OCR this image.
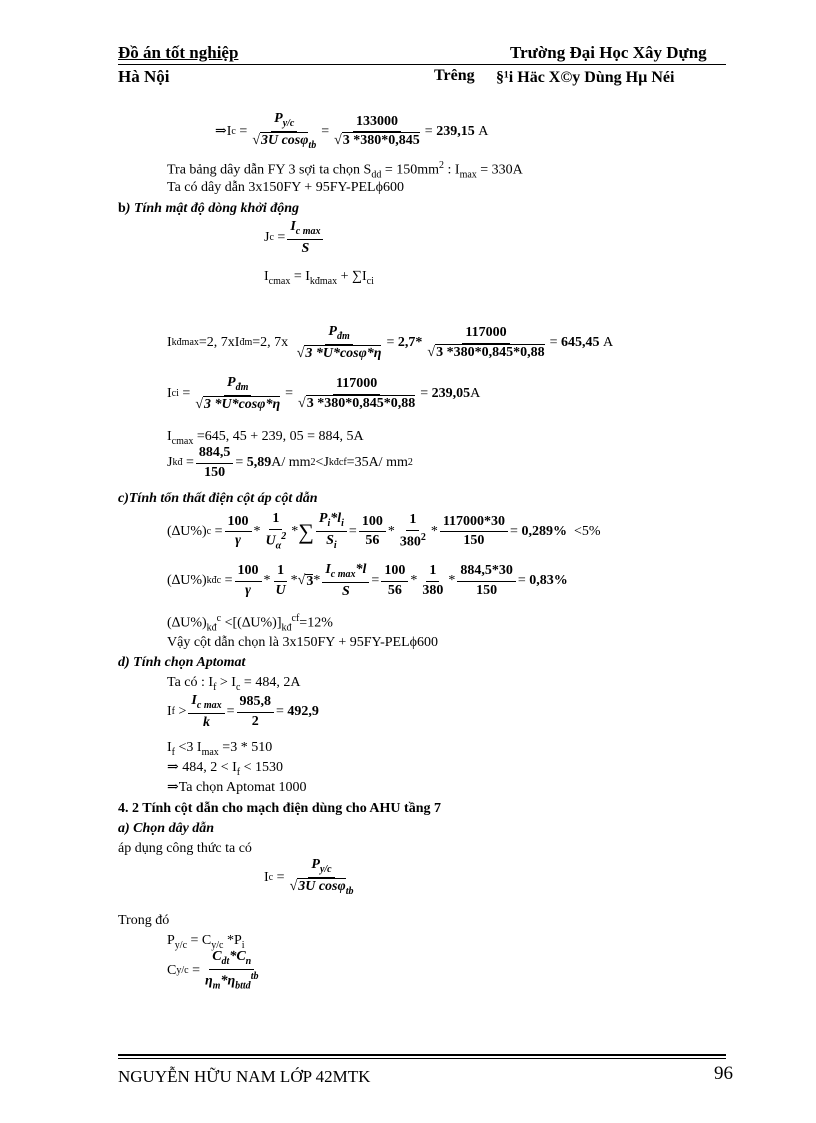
Đồ án tốt nghiệp	Trường Đại Học Xây Dựng
Hà Nội	Trêng §¹i Häc X©y Dùng Hµ Néi
⇒I $c = \frac{P_{y/c}}{√3U \cos\varphi_{tb}} = \frac{133000}{√3 *380*0,845} = 239,15$
A
Tra bảng dây dẫn FY 3 sợi ta chọn $S_{dd} = 150mm^2$ : $I_{max} = 330A$
Ta có dây dẫn 3x150FY + 95FY-PELϕ600
b) Tính mật độ dòng khởi động
J $c = \frac{I_{c max}}{S}$
$I_{cmax} = I_{kđmax} + \sum I_{ci}$
I kđmax =2, 7xI đm =2, 7x
$\frac{P_{đm}}{√3 *U*\cos\varphi*\eta} = 2,7* \frac{117000}{√3 *380*0,845*0,88} = 645,45$
A
I ci = $\frac{P_{đm}}{√3 *U*\cos\varphi*\eta} = \frac{117000}{√3 *380*0,845*0,88} = 239,05$ A
$I_{cmax} =645$, 45 + 239, 05 = 884, 5A
J kđ = $\frac{884,5}{150} = 5,89$ A/ mm 2 <J kđ cf =35A/ mm 2
c)Tính tổn thất điện cột áp cột dẫn
(∆U%) $c = \frac{100}{\gamma} * \frac{1}{U_\alpha^2}$ * ∑ $\frac{P_i*l_i}{S_i} = \frac{100}{56} * \frac{1}{380^2} * \frac{117000*30}{150} = 0,289\%$
<5%
(∆U%) kđ $c = \frac{100}{\gamma} * \frac{1}{U}$ *√ $3 * \frac{I_{c max}*l}{S} = \frac{100}{56} * \frac{1}{380} * \frac{884,5*30}{150} = 0,83\%$
$(\Delta U\%)_{kđ}^c <[(\Delta U\%)]_{kđ}^{cf}=12\%$
Vậy cột dẫn chọn là 3x150FY + 95FY-PELϕ600
d) Tính chọn Aptomat
Ta có : $I_f > I_c = 484$, 2A
I $f > \frac{I_{c max}}{k} = \frac{985,8}{2} = 492,9$
$I_f <3$ $I_{max} =3 * 510$
⇒ 484, $2 < I_f < 1530$
⇒Ta chọn Aptomat 1000
4. 2 Tính cột dẫn cho mạch điện dùng cho AHU tầng 7
a) Chọn dây dẫn
áp dụng công thức ta có
I $c = \frac{P_{y/c}}{√3U \cos\varphi_{tb}}$
Trong đó
$P_{y/c} = C_{y/c}$ $*P_i$
C $y/c = \frac{C_{dt}*C_n}{\eta_m*\eta_{bttd}^{tb}}$
NGUYỄN HỮU NAM LỚP 42MTK	96
